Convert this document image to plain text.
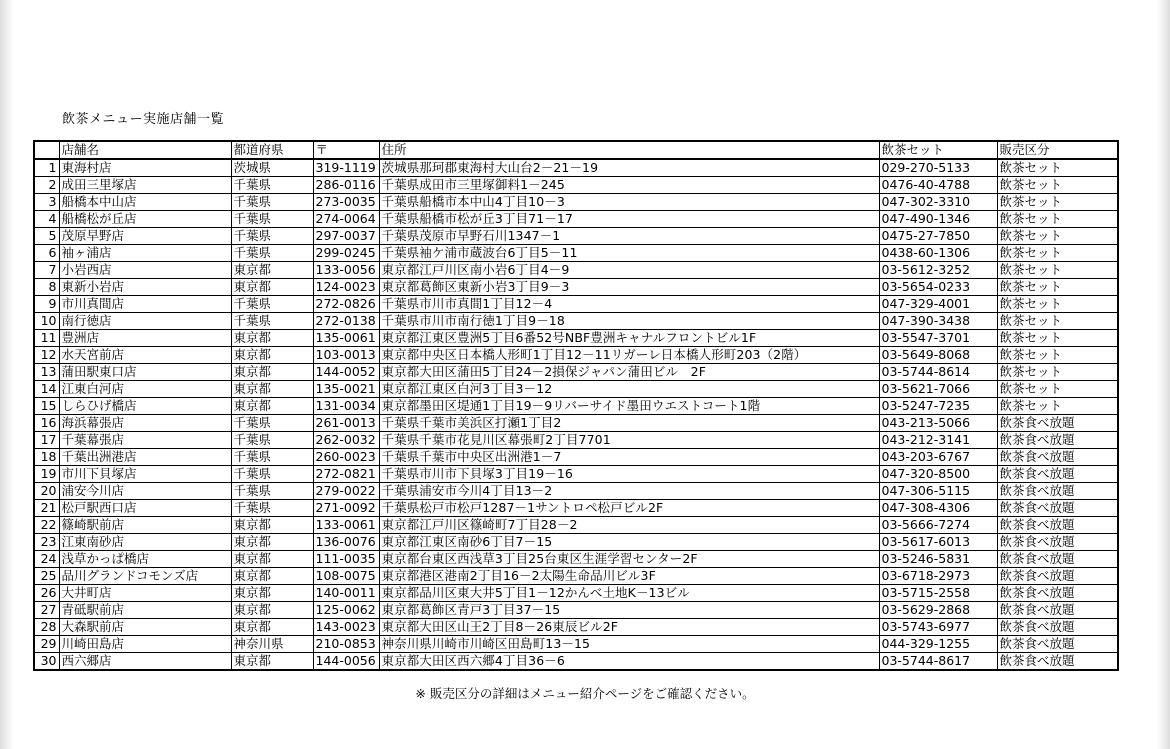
飲茶メニュー実施店舗一覧
	店舗名	都道府県	〒	住所	飲茶セット	販売区分
1	東海村店	茨城県	319-1119	茨城県那珂郡東海村大山台2－21－19	029-270-5133	飲茶セット
2	成田三里塚店	千葉県	286-0116	千葉県成田市三里塚御料1－245	0476-40-4788	飲茶セット
3	船橋本中山店	千葉県	273-0035	千葉県船橋市本中山4丁目10－3	047-302-3310	飲茶セット
4	船橋松が丘店	千葉県	274-0064	千葉県船橋市松が丘3丁目71－17	047-490-1346	飲茶セット
5	茂原早野店	千葉県	297-0037	千葉県茂原市早野石川1347－1	0475-27-7850	飲茶セット
6	袖ヶ浦店	千葉県	299-0245	千葉県袖ケ浦市蔵波台6丁目5－11	0438-60-1306	飲茶セット
7	小岩西店	東京都	133-0056	東京都江戸川区南小岩6丁目4－9	03-5612-3252	飲茶セット
8	東新小岩店	東京都	124-0023	東京都葛飾区東新小岩3丁目9－3	03-5654-0233	飲茶セット
9	市川真間店	千葉県	272-0826	千葉県市川市真間1丁目12－4	047-329-4001	飲茶セット
10	南行徳店	千葉県	272-0138	千葉県市川市南行徳1丁目9－18	047-390-3438	飲茶セット
11	豊洲店	東京都	135-0061	東京都江東区豊洲5丁目6番52号NBF豊洲キャナルフロントビル1F	03-5547-3701	飲茶セット
12	水天宮前店	東京都	103-0013	東京都中央区日本橋人形町1丁目12－11リガーレ日本橋人形町203（2階）	03-5649-8068	飲茶セット
13	蒲田駅東口店	東京都	144-0052	東京都大田区蒲田5丁目24－2損保ジャパン蒲田ビル　2F	03-5744-8614	飲茶セット
14	江東白河店	東京都	135-0021	東京都江東区白河3丁目3－12	03-5621-7066	飲茶セット
15	しらひげ橋店	東京都	131-0034	東京都墨田区堤通1丁目19－9リバーサイド墨田ウエストコート1階	03-5247-7235	飲茶セット
16	海浜幕張店	千葉県	261-0013	千葉県千葉市美浜区打瀬1丁目2	043-213-5066	飲茶食べ放題
17	千葉幕張店	千葉県	262-0032	千葉県千葉市花見川区幕張町2丁目7701	043-212-3141	飲茶食べ放題
18	千葉出洲港店	千葉県	260-0023	千葉県千葉市中央区出洲港1－7	043-203-6767	飲茶食べ放題
19	市川下貝塚店	千葉県	272-0821	千葉県市川市下貝塚3丁目19－16	047-320-8500	飲茶食べ放題
20	浦安今川店	千葉県	279-0022	千葉県浦安市今川4丁目13－2	047-306-5115	飲茶食べ放題
21	松戸駅西口店	千葉県	271-0092	千葉県松戸市松戸1287－1サントロペ松戸ビル2F	047-308-4306	飲茶食べ放題
22	篠崎駅前店	東京都	133-0061	東京都江戸川区篠崎町7丁目28－2	03-5666-7274	飲茶食べ放題
23	江東南砂店	東京都	136-0076	東京都江東区南砂6丁目7－15	03-5617-6013	飲茶食べ放題
24	浅草かっぱ橋店	東京都	111-0035	東京都台東区西浅草3丁目25台東区生涯学習センター2F	03-5246-5831	飲茶食べ放題
25	品川グランドコモンズ店	東京都	108-0075	東京都港区港南2丁目16－2太陽生命品川ビル3F	03-6718-2973	飲茶食べ放題
26	大井町店	東京都	140-0011	東京都品川区東大井5丁目1－12かんべ土地K－13ビル	03-5715-2558	飲茶食べ放題
27	青砥駅前店	東京都	125-0062	東京都葛飾区青戸3丁目37－15	03-5629-2868	飲茶食べ放題
28	大森駅前店	東京都	143-0023	東京都大田区山王2丁目8－26東辰ビル2F	03-5743-6977	飲茶食べ放題
29	川崎田島店	神奈川県	210-0853	神奈川県川崎市川崎区田島町13－15	044-329-1255	飲茶食べ放題
30	西六郷店	東京都	144-0056	東京都大田区西六郷4丁目36－6	03-5744-8617	飲茶食べ放題
※ 販売区分の詳細はメニュー紹介ページをご確認ください。
